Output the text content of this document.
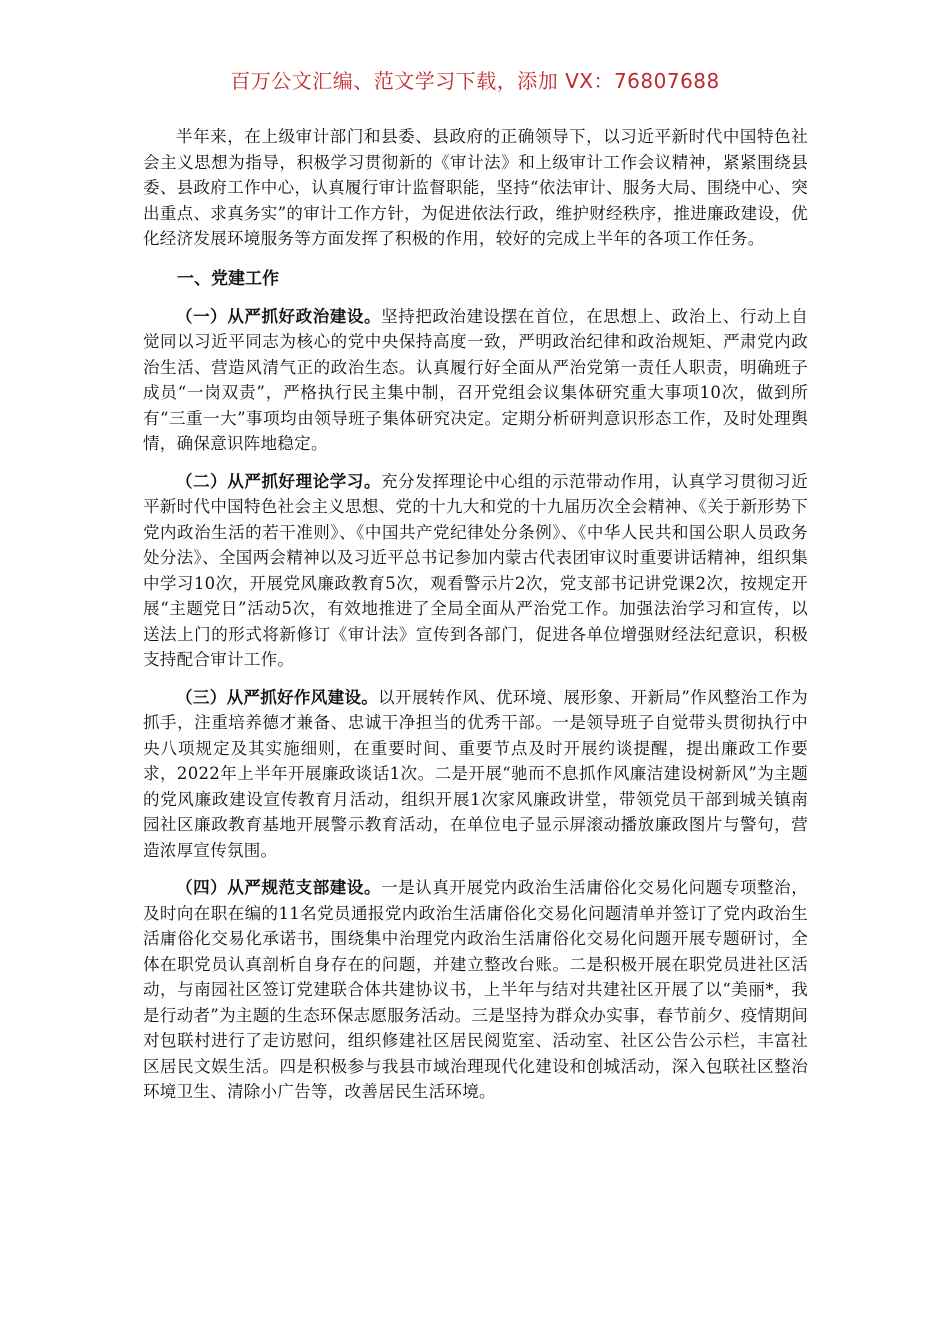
百万公文汇编、范文学习下载，添加 VX：76807688

半年来，在上级审计部门和县委、县政府的正确领导下，以习近平新时代中国特色社会主义思想为指导，积极学习贯彻新的《审计法》和上级审计工作会议精神，紧紧围绕县委、县政府工作中心，认真履行审计监督职能，坚持“依法审计、服务大局、围绕中心、突出重点、求真务实”的审计工作方针，为促进依法行政，维护财经秩序，推进廉政建设，优化经济发展环境服务等方面发挥了积极的作用，较好的完成上半年的各项工作任务。

一、党建工作

（一）从严抓好政治建设。坚持把政治建设摆在首位，在思想上、政治上、行动上自觉同以习近平同志为核心的党中央保持高度一致，严明政治纪律和政治规矩、严肃党内政治生活、营造风清气正的政治生态。认真履行好全面从严治党第一责任人职责，明确班子成员“一岗双责”，严格执行民主集中制，召开党组会议集体研究重大事项10次，做到所有“三重一大”事项均由领导班子集体研究决定。定期分析研判意识形态工作，及时处理舆情，确保意识阵地稳定。

（二）从严抓好理论学习。充分发挥理论中心组的示范带动作用，认真学习贯彻习近平新时代中国特色社会主义思想、党的十九大和党的十九届历次全会精神、《关于新形势下党内政治生活的若干准则》、《中国共产党纪律处分条例》、《中华人民共和国公职人员政务处分法》、全国两会精神以及习近平总书记参加内蒙古代表团审议时重要讲话精神，组织集中学习10次，开展党风廉政教育5次，观看警示片2次，党支部书记讲党课2次，按规定开展“主题党日”活动5次，有效地推进了全局全面从严治党工作。加强法治学习和宣传，以送法上门的形式将新修订《审计法》宣传到各部门，促进各单位增强财经法纪意识，积极支持配合审计工作。

（三）从严抓好作风建设。以开展转作风、优环境、展形象、开新局”作风整治工作为抓手，注重培养德才兼备、忠诚干净担当的优秀干部。一是领导班子自觉带头贯彻执行中央八项规定及其实施细则，在重要时间、重要节点及时开展约谈提醒，提出廉政工作要求，2022年上半年开展廉政谈话1次。二是开展“驰而不息抓作风廉洁建设树新风”为主题的党风廉政建设宣传教育月活动，组织开展1次家风廉政讲堂，带领党员干部到城关镇南园社区廉政教育基地开展警示教育活动，在单位电子显示屏滚动播放廉政图片与警句，营造浓厚宣传氛围。

（四）从严规范支部建设。一是认真开展党内政治生活庸俗化交易化问题专项整治，及时向在职在编的11名党员通报党内政治生活庸俗化交易化问题清单并签订了党内政治生活庸俗化交易化承诺书，围绕集中治理党内政治生活庸俗化交易化问题开展专题研讨，全体在职党员认真剖析自身存在的问题，并建立整改台账。二是积极开展在职党员进社区活动，与南园社区签订党建联合体共建协议书，上半年与结对共建社区开展了以“美丽*，我是行动者”为主题的生态环保志愿服务活动。三是坚持为群众办实事，春节前夕、疫情期间对包联村进行了走访慰问，组织修建社区居民阅览室、活动室、社区公告公示栏，丰富社区居民文娱生活。四是积极参与我县市域治理现代化建设和创城活动，深入包联社区整治环境卫生、清除小广告等，改善居民生活环境。
